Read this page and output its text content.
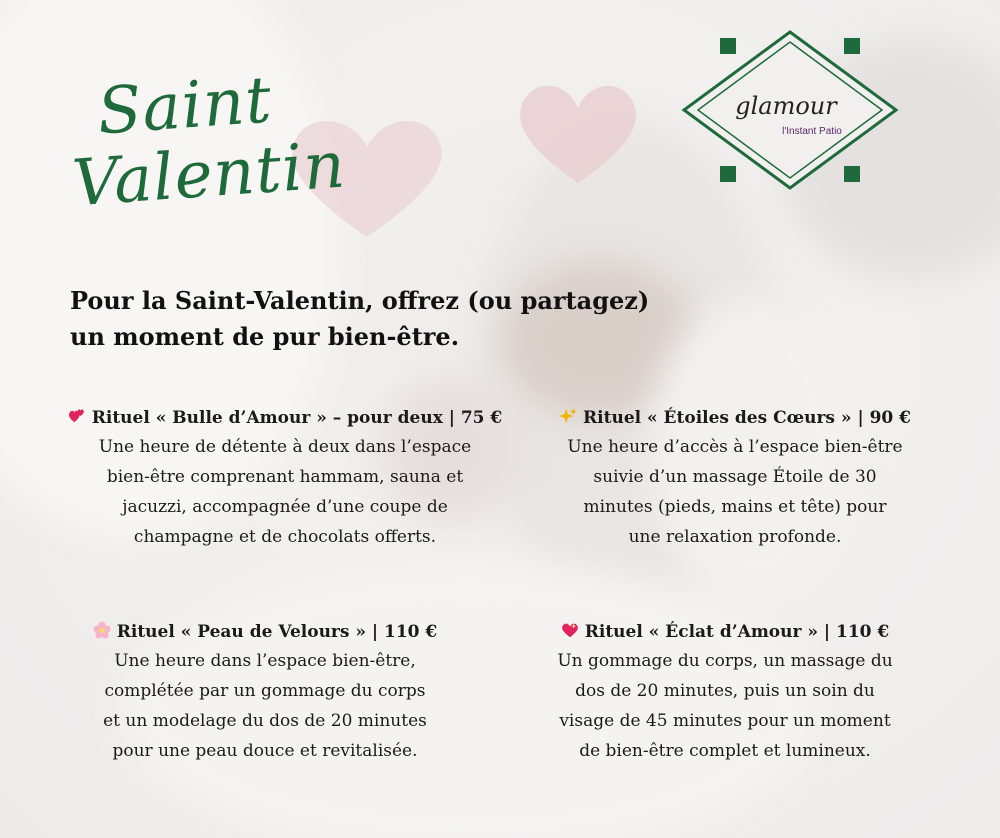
Saint
Valentin
glamour
l'Instant Patio
Pour la Saint-Valentin, offrez (ou partagez)
un moment de pur bien-être.
Rituel « Bulle d’Amour » – pour deux | 75 €
Une heure de détente à deux dans l’espace
bien-être comprenant hammam, sauna et
jacuzzi, accompagnée d’une coupe de
champagne et de chocolats offerts.
Rituel « Étoiles des Cœurs » | 90 €
Une heure d’accès à l’espace bien-être
suivie d’un massage Étoile de 30
minutes (pieds, mains et tête) pour
une relaxation profonde.
Rituel « Peau de Velours » | 110 €
Une heure dans l’espace bien-être,
complétée par un gommage du corps
et un modelage du dos de 20 minutes
pour une peau douce et revitalisée.
Rituel « Éclat d’Amour » | 110 €
Un gommage du corps, un massage du
dos de 20 minutes, puis un soin du
visage de 45 minutes pour un moment
de bien-être complet et lumineux.
